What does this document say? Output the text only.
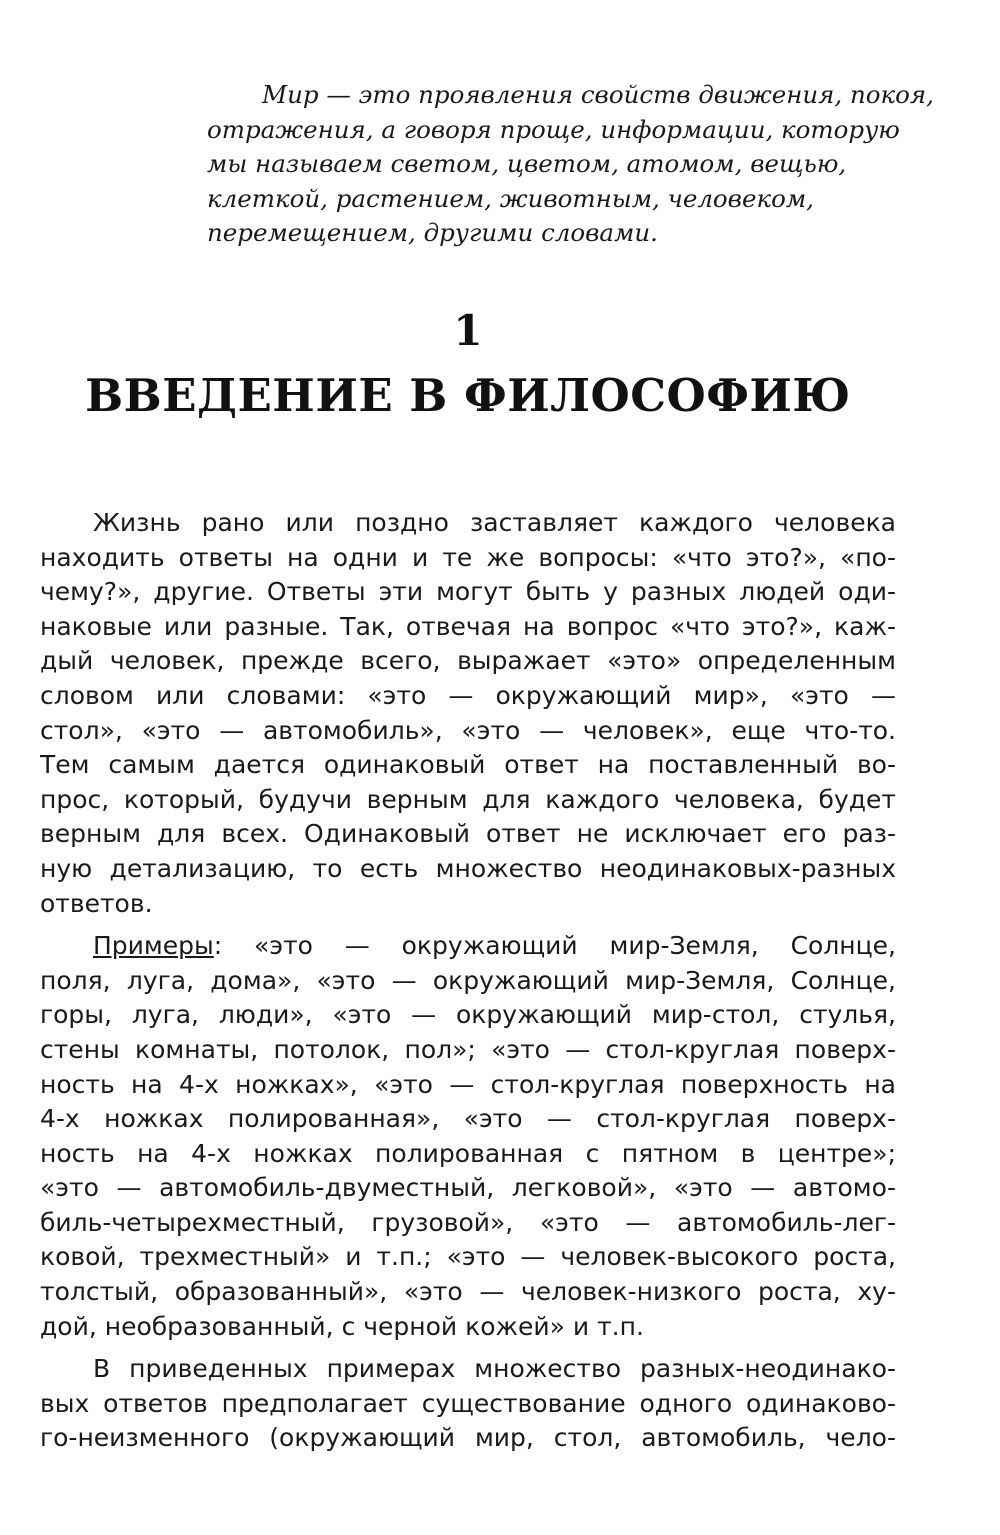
Мир — это проявления свойств движения, покоя,
отражения, а говоря проще, информации, которую
мы называем светом, цветом, атомом, вещью,
клеткой, растением, животным, человеком,
перемещением, другими словами.
1
ВВЕДЕНИЕ В ФИЛОСОФИЮ
Жизнь рано или поздно заставляет каждого человека
находить ответы на одни и те же вопросы: «что это?», «по-
чему?», другие. Ответы эти могут быть у разных людей оди-
наковые или разные. Так, отвечая на вопрос «что это?», каж-
дый человек, прежде всего, выражает «это» определенным
словом или словами: «это — окружающий мир», «это —
стол», «это — автомобиль», «это — человек», еще что-то.
Тем самым дается одинаковый ответ на поставленный во-
прос, который, будучи верным для каждого человека, будет
верным для всех. Одинаковый ответ не исключает его раз-
ную детализацию, то есть множество неодинаковых-разных
ответов.
Примеры: «это — окружающий мир-Земля, Солнце,
поля, луга, дома», «это — окружающий мир-Земля, Солнце,
горы, луга, люди», «это — окружающий мир-стол, стулья,
стены комнаты, потолок, пол»; «это — стол-круглая поверх-
ность на 4-х ножках», «это — стол-круглая поверхность на
4-х ножках полированная», «это — стол-круглая поверх-
ность на 4-х ножках полированная с пятном в центре»;
«это — автомобиль-двуместный, легковой», «это — автомо-
биль-четырехместный, грузовой», «это — автомобиль-лег-
ковой, трехместный» и т.п.; «это — человек-высокого роста,
толстый, образованный», «это — человек-низкого роста, ху-
дой, необразованный, с черной кожей» и т.п.
В приведенных примерах множество разных-неодинако-
вых ответов предполагает существование одного одинаково-
го-неизменного (окружающий мир, стол, автомобиль, чело-
